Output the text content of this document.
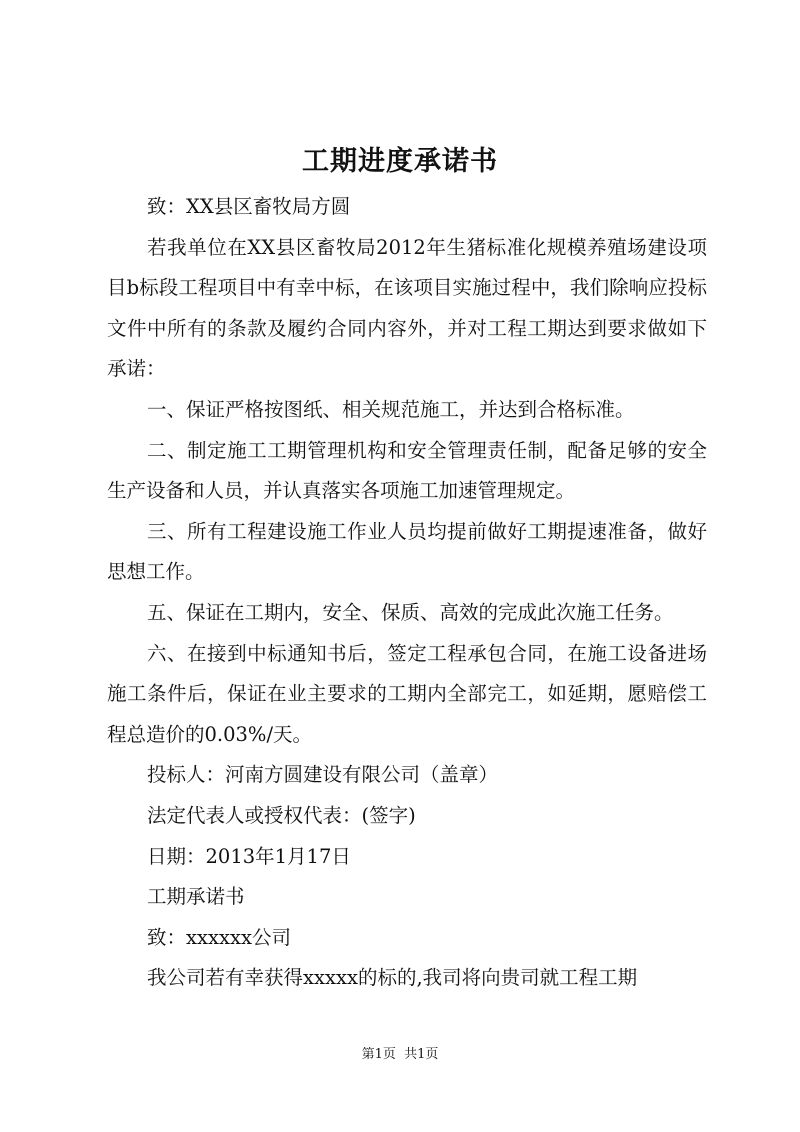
工期进度承诺书

致：XX县区畜牧局方圆

若我单位在XX县区畜牧局2012年生猪标准化规模养殖场建设项目b标段工程项目中有幸中标，在该项目实施过程中，我们除响应投标文件中所有的条款及履约合同内容外，并对工程工期达到要求做如下承诺：

一、保证严格按图纸、相关规范施工，并达到合格标准。

二、制定施工工期管理机构和安全管理责任制，配备足够的安全生产设备和人员，并认真落实各项施工加速管理规定。

三、所有工程建设施工作业人员均提前做好工期提速准备，做好思想工作。

五、保证在工期内，安全、保质、高效的完成此次施工任务。

六、在接到中标通知书后，签定工程承包合同，在施工设备进场施工条件后，保证在业主要求的工期内全部完工，如延期，愿赔偿工程总造价的0.03%/天。

投标人：河南方圆建设有限公司（盖章）

法定代表人或授权代表：(签字)

日期：2013年1月17日

工期承诺书

致：xxxxxx公司

我公司若有幸获得xxxxx的标的,我司将向贵司就工程工期

第1页 共1页
